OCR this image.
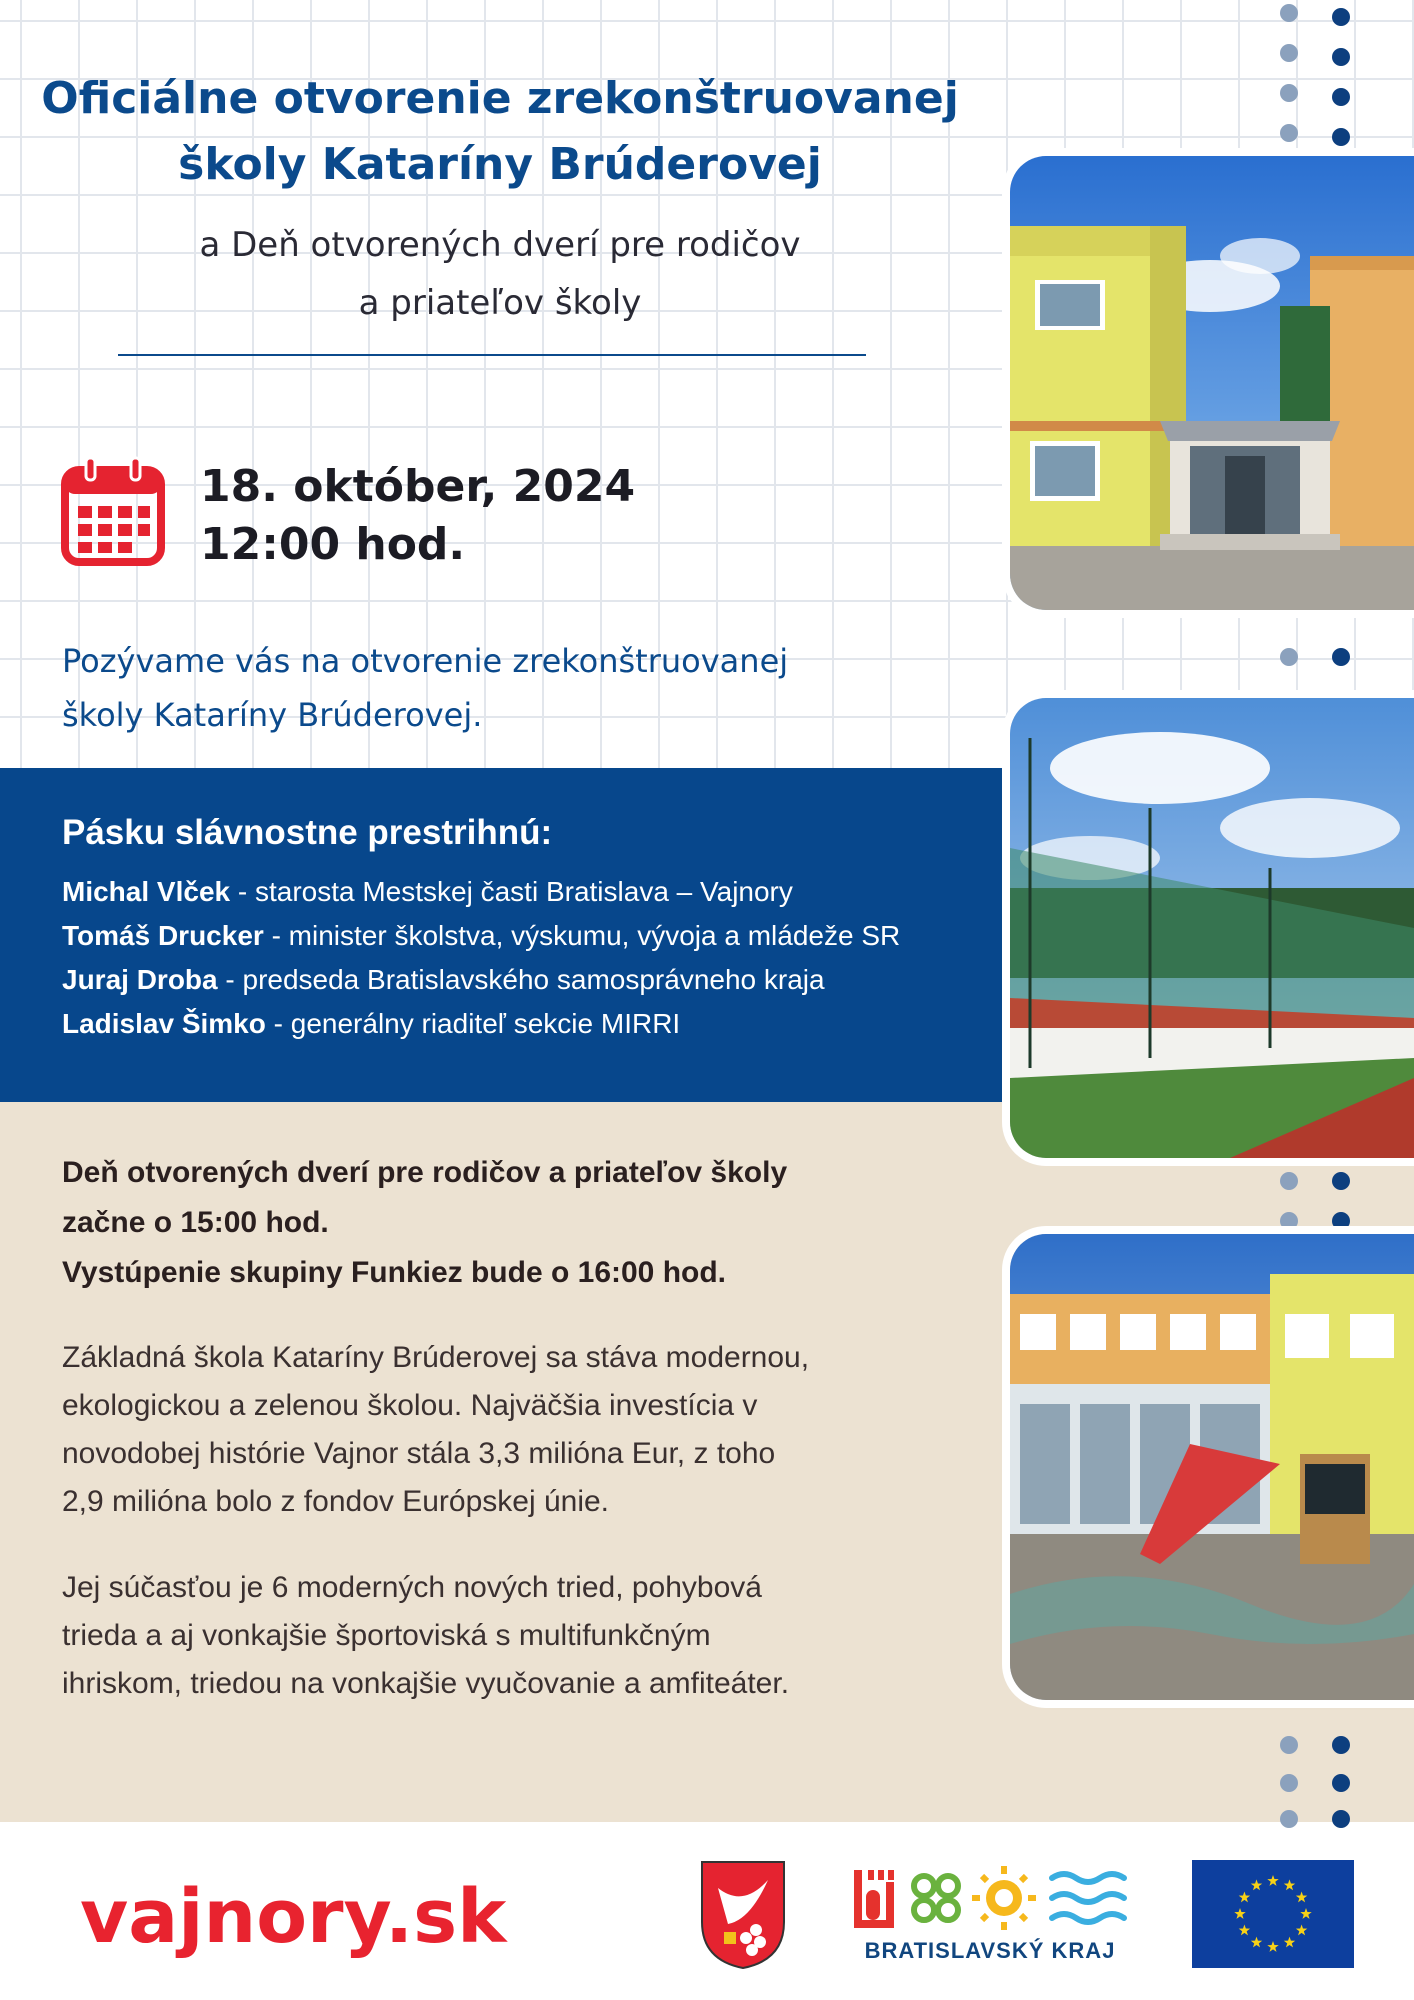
Oficiálne otvorenie zrekonštruovanej
školy Kataríny Brúderovej
a Deň otvorených dverí pre rodičov
a priateľov školy
18. október, 2024
12:00 hod.
Pozývame vás na otvorenie zrekonštruovanej
školy Kataríny Brúderovej.
Pásku slávnostne prestrihnú:
Michal Vlček - starosta Mestskej časti Bratislava – Vajnory
Tomáš Drucker - minister školstva, výskumu, vývoja a mládeže SR
Juraj Droba - predseda Bratislavského samosprávneho kraja
Ladislav Šimko - generálny riaditeľ sekcie MIRRI
Deň otvorených dverí pre rodičov a priateľov školy
začne o 15:00 hod.
Vystúpenie skupiny Funkiez bude o 16:00 hod.
Základná škola Kataríny Brúderovej sa stáva modernou,
ekologickou a zelenou školou. Najväčšia investícia v
novodobej histórie Vajnor stála 3,3 milióna Eur, z toho
2,9 milióna bolo z fondov Európskej únie.
Jej súčasťou je 6 moderných nových tried, pohybová
trieda a aj vonkajšie športoviská s multifunkčným
ihriskom, triedou na vonkajšie vyučovanie a amfiteáter.
vajnory.sk	BRATISLAVSKÝ KRAJ
